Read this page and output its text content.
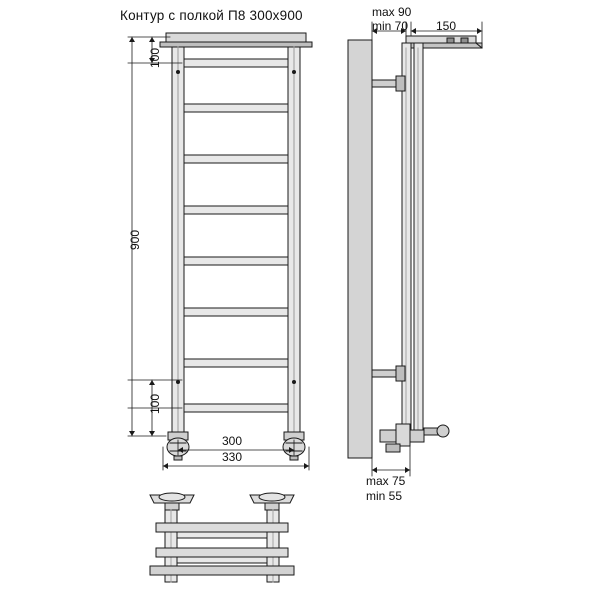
Контур с полкой П8 300x900
100
100
900
300
330
max 90
min 70 150
max 75
min 55
